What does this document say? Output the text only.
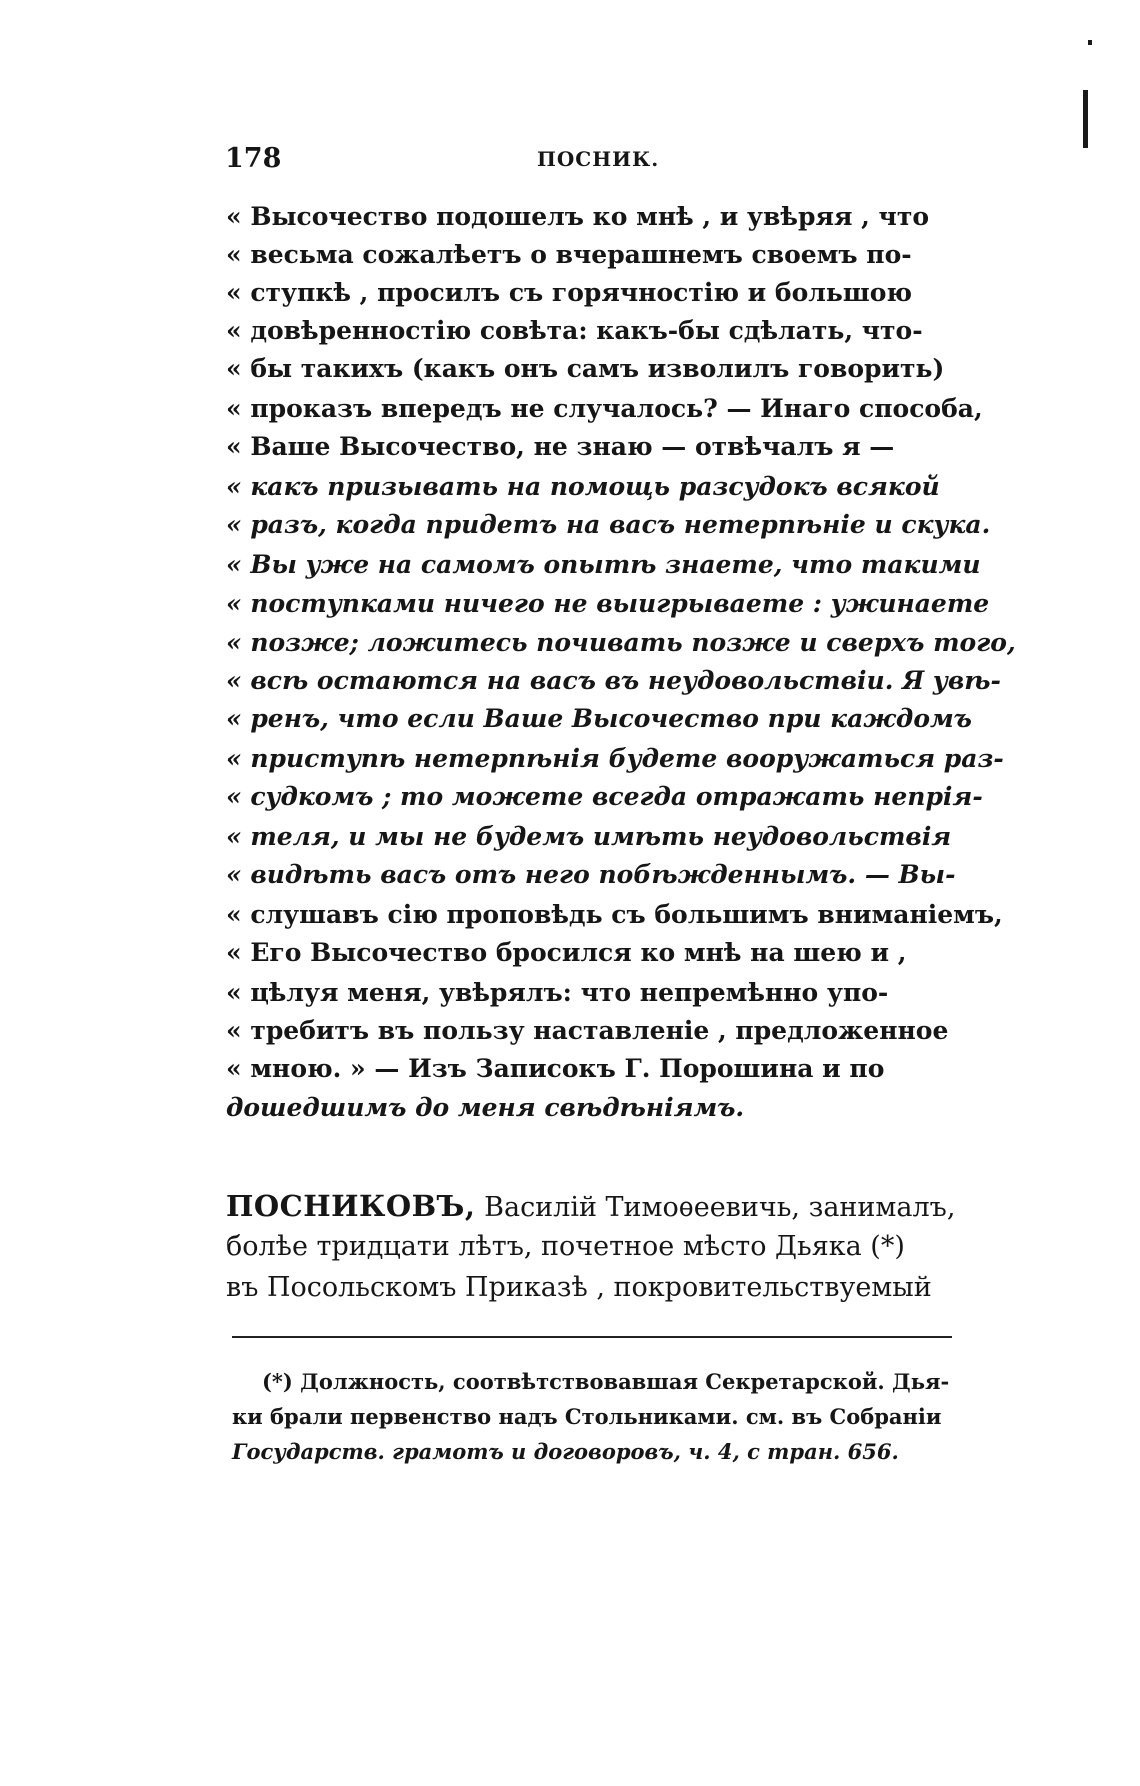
178	ПОСНИК.
« Высочество подошелъ ко мнѣ , и увѣряя , что
« весьма сожалѣетъ о вчерашнемъ своемъ по-
« ступкѣ , просилъ съ горячностію и большою
« довѣренностію совѣта: какъ-бы сдѣлать, что-
« бы такихъ (какъ онъ самъ изволилъ говорить)
« проказъ впередъ не случалось? — Инаго способа,
« Ваше Высочество, не знаю — отвѣчалъ я —
« какъ призывать на помощь разсудокъ всякой
« разъ, когда придетъ на васъ нетерпѣніе и скука.
« Вы уже на самомъ опытѣ знаете, что такими
« поступками ничего не выигрываете : ужинаете
« позже; ложитесь почивать позже и сверхъ того,
« всѣ остаются на васъ въ неудовольствіи. Я увѣ-
« ренъ, что если Ваше Высочество при каждомъ
« приступѣ нетерпѣнія будете вооружаться раз-
« судкомъ ; то можете всегда отражать непрія-
« теля, и мы не будемъ имѣть неудовольствія
« видѣть васъ отъ него побѣжденнымъ. — Вы-
« слушавъ сію проповѣдь съ большимъ вниманіемъ,
« Его Высочество бросился ко мнѣ на шею и ,
« цѣлуя меня, увѣрялъ: что непремѣнно упо-
« требитъ въ пользу наставленіе , предложенное
« мною. » — Изъ Записокъ Г. Порошина и по
дошедшимъ до меня свѣдѣніямъ.
ПОСНИКОВЪ, Василій Тимоѳеевичь, занималъ,
болѣе тридцати лѣтъ, почетное мѣсто Дьяка (*)
въ Посольскомъ Приказѣ , покровительствуемый
(*) Должность, соотвѣтствовавшая Секретарской. Дья-
ки брали первенство надъ Стольниками. см. въ Собраніи
Государств. грамотъ и договоровъ, ч. 4, с тран. 656.
